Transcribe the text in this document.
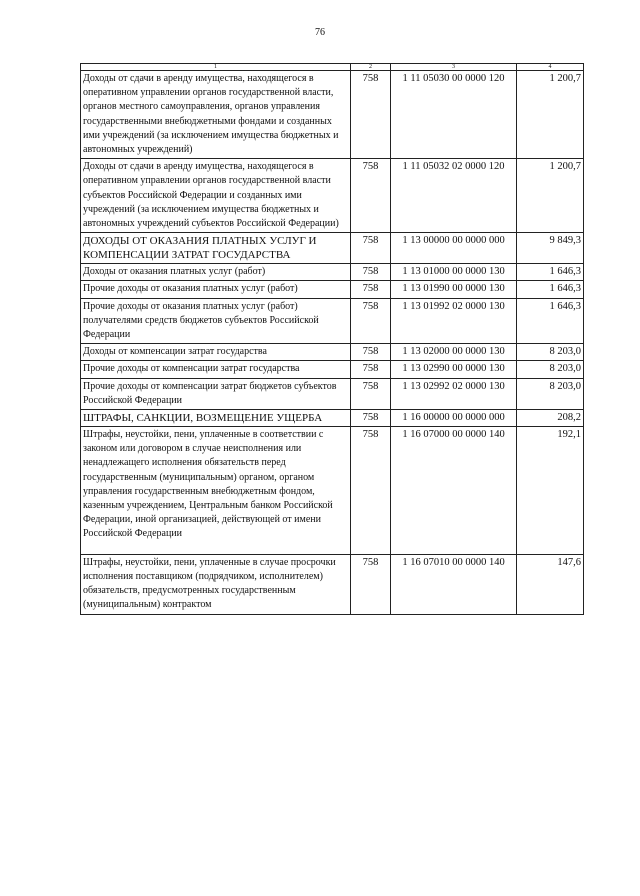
76
1	2	3	4
Доходы от сдачи в аренду имущества, находящегося в оперативном управлении органов государственной власти, органов местного самоуправления, органов управления государственными внебюджетными фондами и созданных ими учреждений (за исключением имущества бюджетных и автономных учреждений)	758	1 11 05030 00 0000 120	1 200,7
Доходы от сдачи в аренду имущества, находящегося в оперативном управлении органов государственной власти субъектов Российской Федерации и созданных ими учреждений (за исключением имущества бюджетных и автономных учреждений субъектов Российской Федерации)	758	1 11 05032 02 0000 120	1 200,7
ДОХОДЫ ОТ ОКАЗАНИЯ ПЛАТНЫХ УСЛУГ И КОМПЕНСАЦИИ ЗАТРАТ ГОСУДАРСТВА	758	1 13 00000 00 0000 000	9 849,3
Доходы от оказания платных услуг (работ)	758	1 13 01000 00 0000 130	1 646,3
Прочие доходы от оказания платных услуг (работ)	758	1 13 01990 00 0000 130	1 646,3
Прочие доходы от оказания платных услуг (работ) получателями средств бюджетов субъектов Российской Федерации	758	1 13 01992 02 0000 130	1 646,3
Доходы от компенсации затрат государства	758	1 13 02000 00 0000 130	8 203,0
Прочие доходы от компенсации затрат государства	758	1 13 02990 00 0000 130	8 203,0
Прочие доходы от компенсации затрат бюджетов субъектов Российской Федерации	758	1 13 02992 02 0000 130	8 203,0
ШТРАФЫ, САНКЦИИ, ВОЗМЕЩЕНИЕ УЩЕРБА	758	1 16 00000 00 0000 000	208,2
Штрафы, неустойки, пени, уплаченные в соответствии с законом или договором в случае неисполнения или ненадлежащего исполнения обязательств перед государственным (муниципальным) органом, органом управления государственным внебюджетным фондом, казенным учреждением, Центральным банком Российской Федерации, иной организацией, действующей от имени Российской Федерации	758	1 16 07000 00 0000 140	192,1
Штрафы, неустойки, пени, уплаченные в случае просрочки исполнения поставщиком (подрядчиком, исполнителем) обязательств, предусмотренных государственным (муниципальным) контрактом	758	1 16 07010 00 0000 140	147,6
